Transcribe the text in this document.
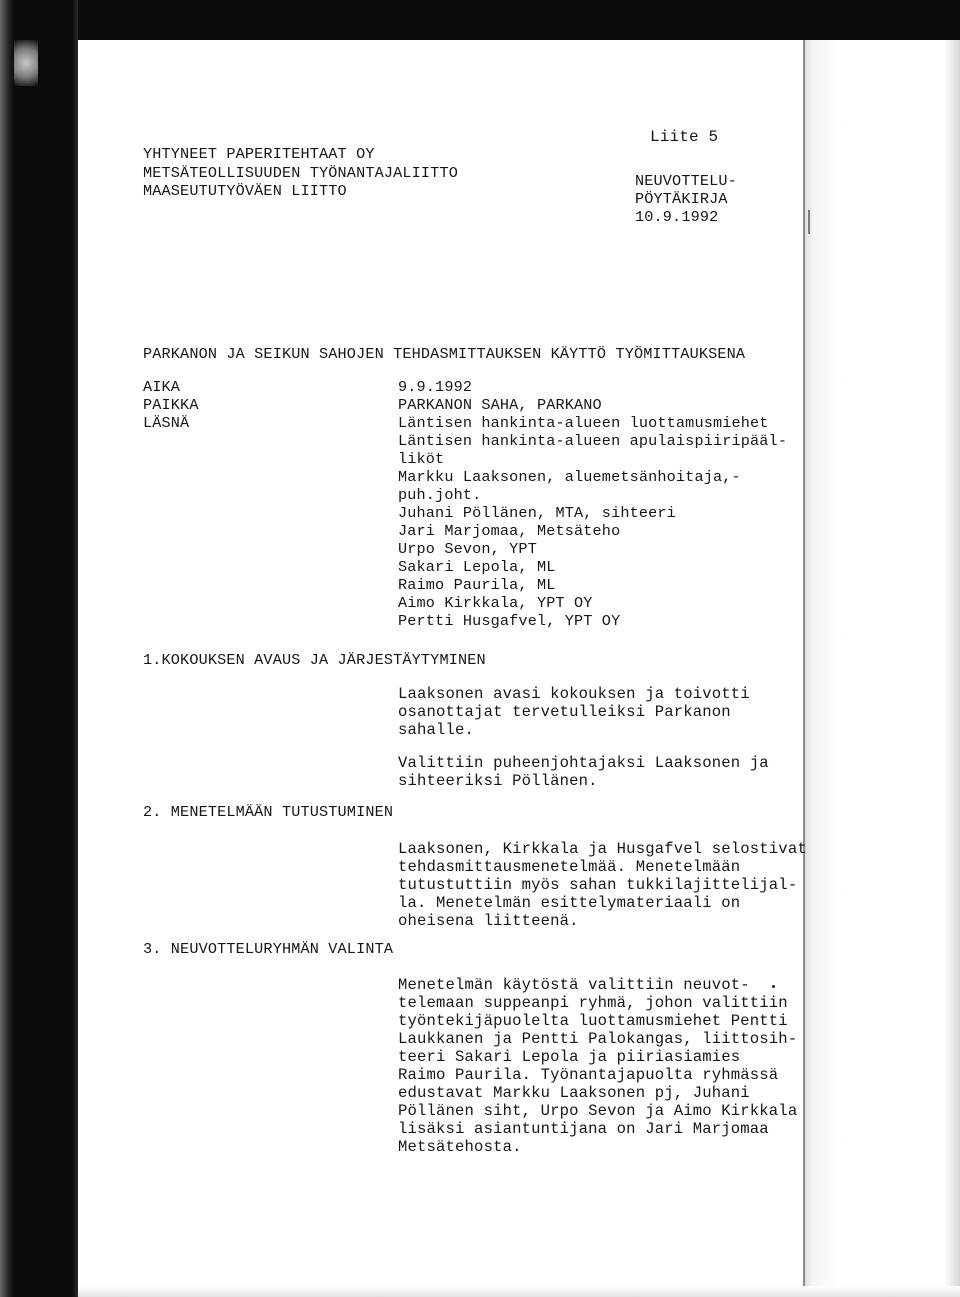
YHTYNEET PAPERITEHTAAT OY

METSÄTEOLLISUUDEN TYÖNANTAJALIITTO

MAASEUTUTYÖVÄEN LIITTO

Liite 5

NEUVOTTELU-

PÖYTÄKIRJA

10.9.1992

PARKANON JA SEIKUN SAHOJEN TEHDASMITTAUKSEN KÄYTTÖ TYÖMITTAUKSENA

AIKA

PAIKKA

LÄSNÄ

9.9.1992

PARKANON SAHA, PARKANO

Läntisen hankinta-alueen luottamusmiehet

Läntisen hankinta-alueen apulaispiiripääl-

liköt

Markku Laaksonen, aluemetsänhoitaja,-

puh.joht.

Juhani Pöllänen, MTA, sihteeri

Jari Marjomaa, Metsäteho

Urpo Sevon, YPT

Sakari Lepola, ML

Raimo Paurila, ML

Aimo Kirkkala, YPT OY

Pertti Husgafvel, YPT OY

1.KOKOUKSEN AVAUS JA JÄRJESTÄYTYMINEN

Laaksonen avasi kokouksen ja toivotti

osanottajat tervetulleiksi Parkanon

sahalle.

Valittiin puheenjohtajaksi Laaksonen ja

sihteeriksi Pöllänen.

2. MENETELMÄÄN TUTUSTUMINEN

Laaksonen, Kirkkala ja Husgafvel selostivat

tehdasmittausmenetelmää. Menetelmään

tutustuttiin myös sahan tukkilajittelijal-

la. Menetelmän esittelymateriaali on

oheisena liitteenä.

3. NEUVOTTELURYHMÄN VALINTA

Menetelmän käytöstä valittiin neuvot-

telemaan suppeanpi ryhmä, johon valittiin

työntekijäpuolelta luottamusmiehet Pentti

Laukkanen ja Pentti Palokangas, liittosih-

teeri Sakari Lepola ja piiriasiamies

Raimo Paurila. Työnantajapuolta ryhmässä

edustavat Markku Laaksonen pj, Juhani

Pöllänen siht, Urpo Sevon ja Aimo Kirkkala

lisäksi asiantuntijana on Jari Marjomaa

Metsätehosta.
